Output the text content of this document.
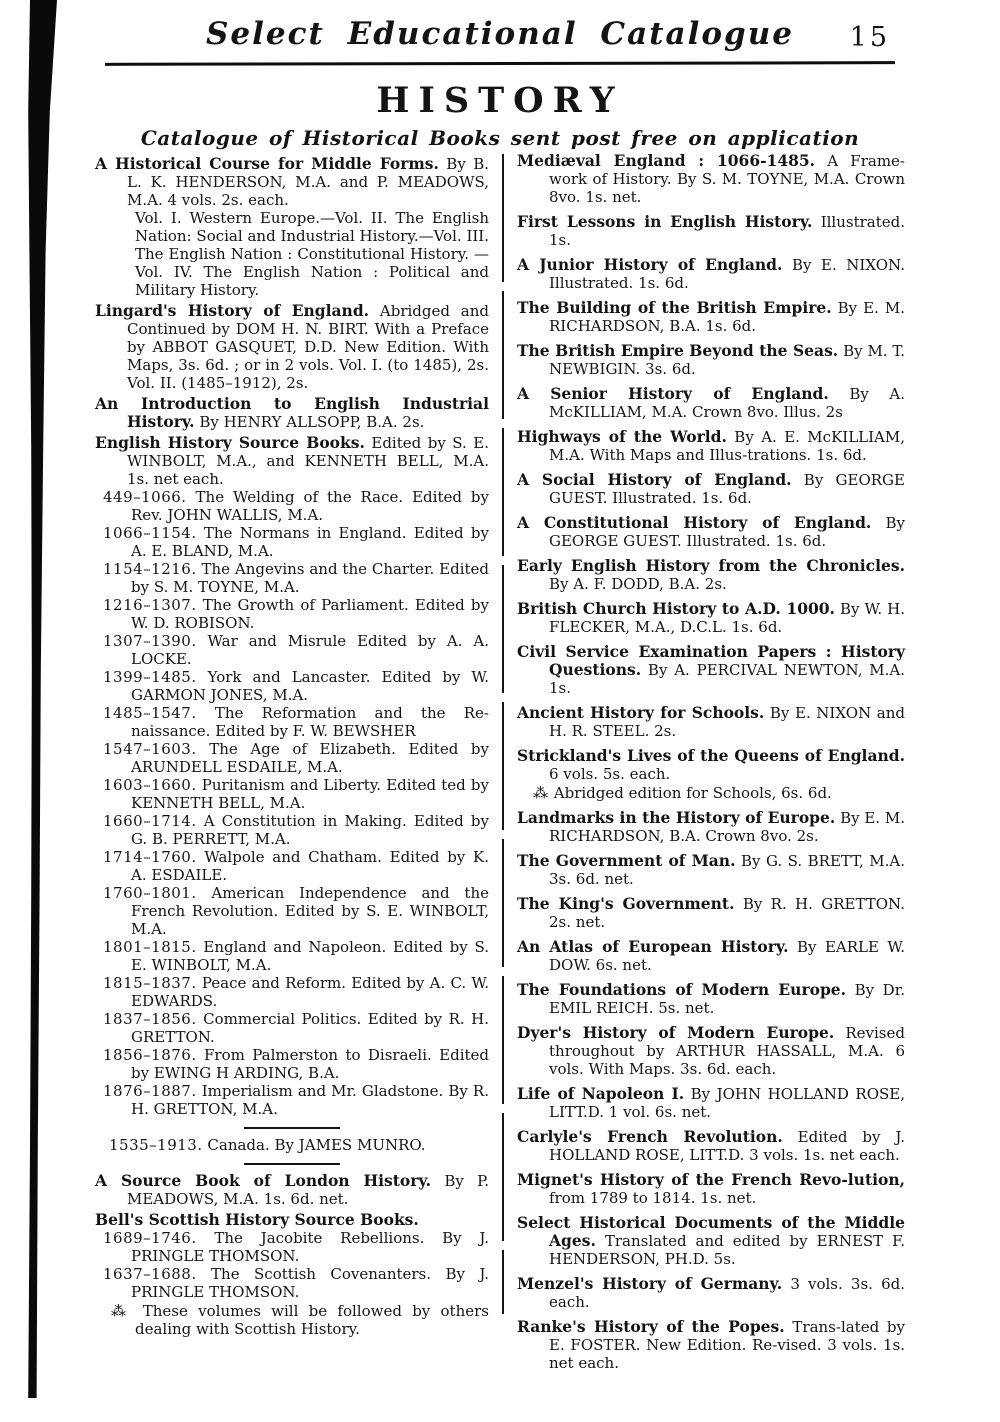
Select Educational Catalogue	15
HISTORY
Catalogue of Historical Books sent post free on application
A Historical Course for Middle Forms. By B. L. K. HENDERSON, M.A. and P. MEADOWS, M.A. 4 vols. 2s. each.
Vol. I. Western Europe.—Vol. II. The English Nation: Social and Industrial History.—Vol. III. The English Nation : Constitutional History. — Vol. IV. The English Nation : Political and Military History.
Lingard's History of England. Abridged and Continued by DOM H. N. BIRT. With a Preface by ABBOT GASQUET, D.D. New Edition. With Maps, 3s. 6d. ; or in 2 vols. Vol. I. (to 1485), 2s. Vol. II. (1485–1912), 2s.
An Introduction to English Industrial History. By HENRY ALLSOPP, B.A. 2s.
English History Source Books. Edited by S. E. WINBOLT, M.A., and KENNETH BELL, M.A. 1s. net each.
449–1066. The Welding of the Race. Edited by Rev. JOHN WALLIS, M.A.
1066–1154. The Normans in England. Edited by A. E. BLAND, M.A.
1154–1216. The Angevins and the Charter. Edited by S. M. TOYNE, M.A.
1216–1307. The Growth of Parliament. Edited by W. D. ROBISON.
1307–1390. War and Misrule Edited by A. A. LOCKE.
1399–1485. York and Lancaster. Edited by W. GARMON JONES, M.A.
1485–1547. The Reformation and the Re-naissance. Edited by F. W. BEWSHER
1547–1603. The Age of Elizabeth. Edited by ARUNDELL ESDAILE, M.A.
1603–1660. Puritanism and Liberty. Edited ted by KENNETH BELL, M.A.
1660–1714. A Constitution in Making. Edited by G. B. PERRETT, M.A.
1714–1760. Walpole and Chatham. Edited by K. A. ESDAILE.
1760–1801. American Independence and the French Revolution. Edited by S. E. WINBOLT, M.A.
1801–1815. England and Napoleon. Edited by S. E. WINBOLT, M.A.
1815–1837. Peace and Reform. Edited by A. C. W. EDWARDS.
1837–1856. Commercial Politics. Edited by R. H. GRETTON.
1856–1876. From Palmerston to Disraeli. Edited by EWING H ARDING, B.A.
1876–1887. Imperialism and Mr. Gladstone. By R. H. GRETTON, M.A.
1535–1913. Canada. By JAMES MUNRO.
A Source Book of London History. By P. MEADOWS, M.A. 1s. 6d. net.
Bell's Scottish History Source Books.
1689–1746. The Jacobite Rebellions. By J. PRINGLE THOMSON.
1637–1688. The Scottish Covenanters. By J. PRINGLE THOMSON.
⁂ These volumes will be followed by others dealing with Scottish History.
Mediæval England : 1066-1485. A Frame-work of History. By S. M. TOYNE, M.A. Crown 8vo. 1s. net.
First Lessons in English History. Illustrated. 1s.
A Junior History of England. By E. NIXON. Illustrated. 1s. 6d.
The Building of the British Empire. By E. M. RICHARDSON, B.A. 1s. 6d.
The British Empire Beyond the Seas. By M. T. NEWBIGIN. 3s. 6d.
A Senior History of England. By A. McKILLIAM, M.A. Crown 8vo. Illus. 2s
Highways of the World. By A. E. McKILLIAM, M.A. With Maps and Illus-trations. 1s. 6d.
A Social History of England. By GEORGE GUEST. Illustrated. 1s. 6d.
A Constitutional History of England. By GEORGE GUEST. Illustrated. 1s. 6d.
Early English History from the Chronicles. By A. F. DODD, B.A. 2s.
British Church History to A.D. 1000. By W. H. FLECKER, M.A., D.C.L. 1s. 6d.
Civil Service Examination Papers : History Questions. By A. PERCIVAL NEWTON, M.A. 1s.
Ancient History for Schools. By E. NIXON and H. R. STEEL. 2s.
Strickland's Lives of the Queens of England. 6 vols. 5s. each.
⁂ Abridged edition for Schools, 6s. 6d.
Landmarks in the History of Europe. By E. M. RICHARDSON, B.A. Crown 8vo. 2s.
The Government of Man. By G. S. BRETT, M.A. 3s. 6d. net.
The King's Government. By R. H. GRETTON. 2s. net.
An Atlas of European History. By EARLE W. DOW. 6s. net.
The Foundations of Modern Europe. By Dr. EMIL REICH. 5s. net.
Dyer's History of Modern Europe. Revised throughout by ARTHUR HASSALL, M.A. 6 vols. With Maps. 3s. 6d. each.
Life of Napoleon I. By JOHN HOLLAND ROSE, LITT.D. 1 vol. 6s. net.
Carlyle's French Revolution. Edited by J. HOLLAND ROSE, LITT.D. 3 vols. 1s. net each.
Mignet's History of the French Revo-lution, from 1789 to 1814. 1s. net.
Select Historical Documents of the Middle Ages. Translated and edited by ERNEST F. HENDERSON, PH.D. 5s.
Menzel's History of Germany. 3 vols. 3s. 6d. each.
Ranke's History of the Popes. Trans-lated by E. FOSTER. New Edition. Re-vised. 3 vols. 1s. net each.
